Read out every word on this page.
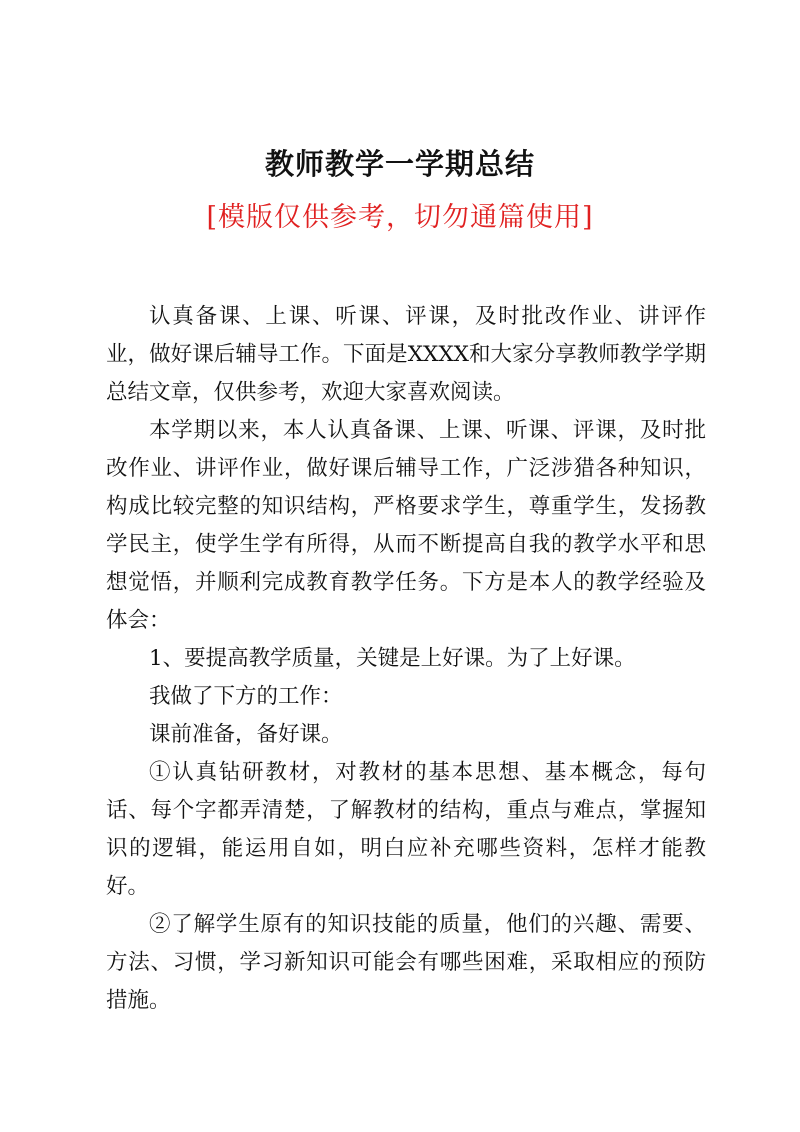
教师教学一学期总结
[模版仅供参考，切勿通篇使用]

认真备课、上课、听课、评课，及时批改作业、讲评作业，做好课后辅导工作。下面是XXXX和大家分享教师教学学期总结文章，仅供参考，欢迎大家喜欢阅读。

本学期以来，本人认真备课、上课、听课、评课，及时批改作业、讲评作业，做好课后辅导工作，广泛涉猎各种知识，构成比较完整的知识结构，严格要求学生，尊重学生，发扬教学民主，使学生学有所得，从而不断提高自我的教学水平和思想觉悟，并顺利完成教育教学任务。下方是本人的教学经验及体会：

1、要提高教学质量，关键是上好课。为了上好课。

我做了下方的工作：

课前准备，备好课。

①认真钻研教材，对教材的基本思想、基本概念，每句话、每个字都弄清楚，了解教材的结构，重点与难点，掌握知识的逻辑，能运用自如，明白应补充哪些资料，怎样才能教好。

②了解学生原有的知识技能的质量，他们的兴趣、需要、方法、习惯，学习新知识可能会有哪些困难，采取相应的预防措施。
